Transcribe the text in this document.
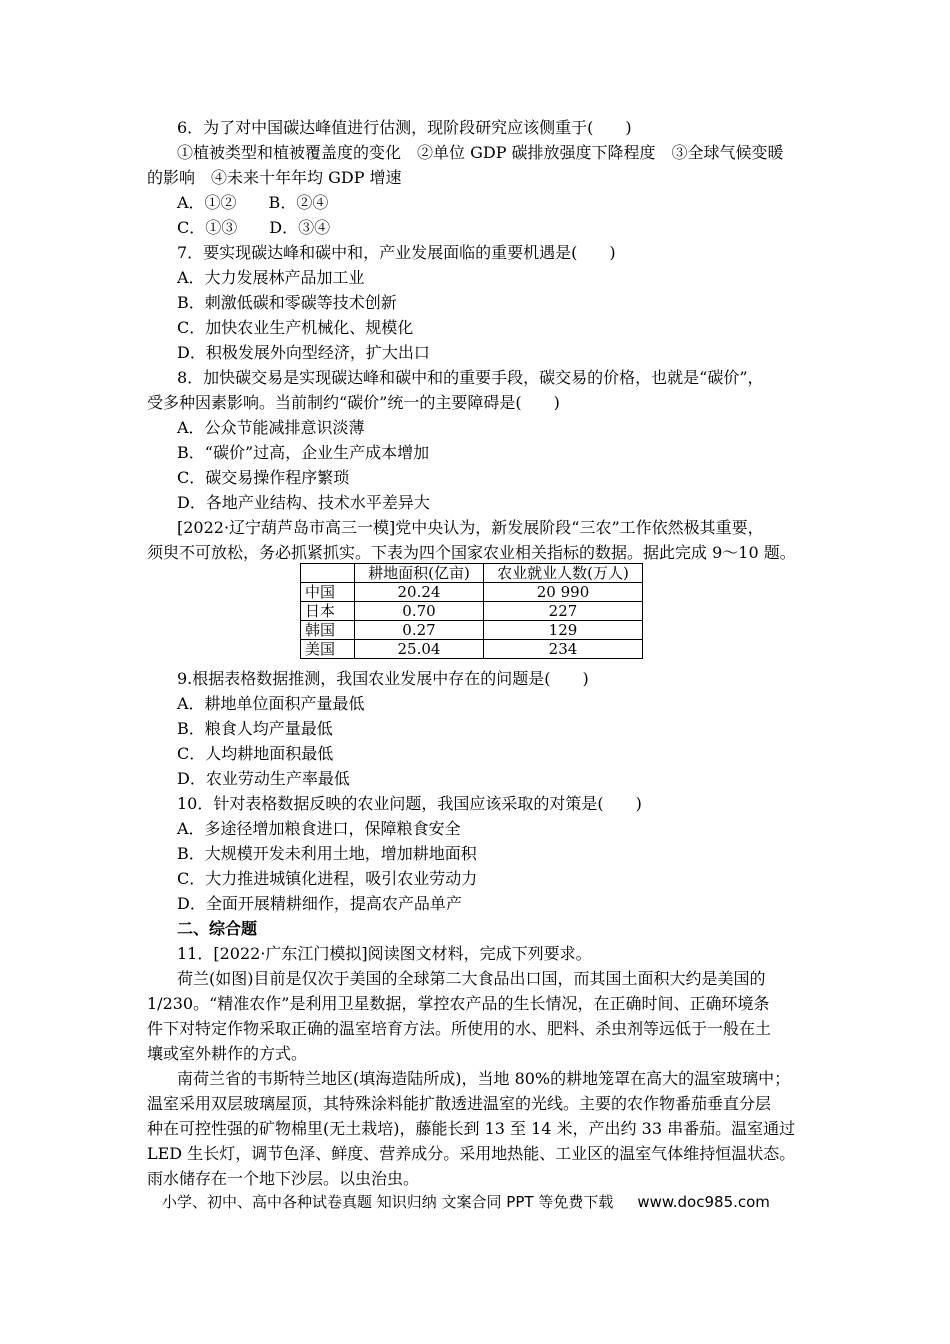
6．为了对中国碳达峰值进行估测，现阶段研究应该侧重于(　　)
①植被类型和植被覆盖度的变化　②单位 GDP 碳排放强度下降程度　③全球气候变暖
的影响　④未来十年年均 GDP 增速
A．①②　　B．②④
C．①③　　D．③④
7．要实现碳达峰和碳中和，产业发展面临的重要机遇是(　　)
A．大力发展林产品加工业
B．刺激低碳和零碳等技术创新
C．加快农业生产机械化、规模化
D．积极发展外向型经济，扩大出口
8．加快碳交易是实现碳达峰和碳中和的重要手段，碳交易的价格，也就是“碳价”，
受多种因素影响。当前制约“碳价”统一的主要障碍是(　　)
A．公众节能减排意识淡薄
B．“碳价”过高，企业生产成本增加
C．碳交易操作程序繁琐
D．各地产业结构、技术水平差异大
[2022·辽宁葫芦岛市高三一模]党中央认为，新发展阶段“三农”工作依然极其重要，
须臾不可放松，务必抓紧抓实。下表为四个国家农业相关指标的数据。据此完成 9～10 题。
	耕地面积(亿亩)	农业就业人数(万人)
中国	20.24	20 990
日本	0.70	227
韩国	0.27	129
美国	25.04	234
9.根据表格数据推测，我国农业发展中存在的问题是(　　)
A．耕地单位面积产量最低
B．粮食人均产量最低
C．人均耕地面积最低
D．农业劳动生产率最低
10．针对表格数据反映的农业问题，我国应该采取的对策是(　　)
A．多途径增加粮食进口，保障粮食安全
B．大规模开发未利用土地，增加耕地面积
C．大力推进城镇化进程，吸引农业劳动力
D．全面开展精耕细作，提高农产品单产
二、综合题
11．[2022·广东江门模拟]阅读图文材料，完成下列要求。
荷兰(如图)目前是仅次于美国的全球第二大食品出口国，而其国土面积大约是美国的
1/230。“精准农作”是利用卫星数据，掌控农产品的生长情况，在正确时间、正确环境条
件下对特定作物采取正确的温室培育方法。所使用的水、肥料、杀虫剂等远低于一般在土
壤或室外耕作的方式。
南荷兰省的韦斯特兰地区(填海造陆所成)，当地 80%的耕地笼罩在高大的温室玻璃中；
温室采用双层玻璃屋顶，其特殊涂料能扩散透进温室的光线。主要的农作物番茄垂直分层
种在可控性强的矿物棉里(无土栽培)，藤能长到 13 至 14 米，产出约 33 串番茄。温室通过
LED 生长灯，调节色泽、鲜度、营养成分。采用地热能、工业区的温室气体维持恒温状态。
雨水储存在一个地下沙层。以虫治虫。
小学、初中、高中各种试卷真题 知识归纳 文案合同 PPT 等免费下载 www.doc985.com
